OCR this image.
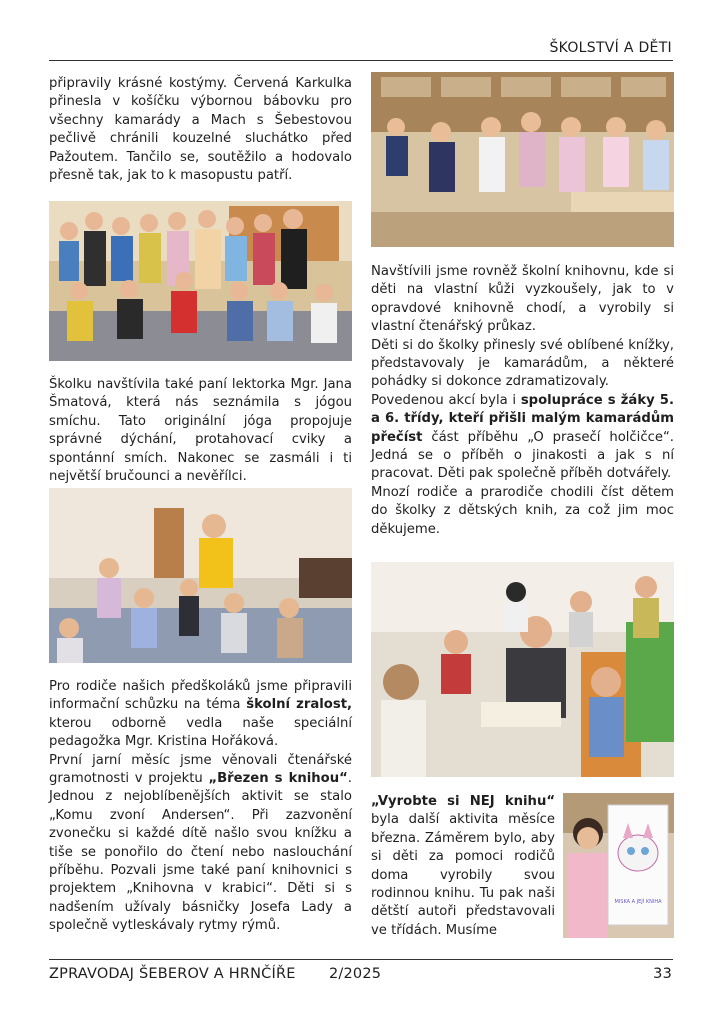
ŠKOLSTVÍ A DĚTI

připravily krásné kostýmy. Červená Karkulka přinesla v košíčku výbornou bábovku pro všechny kamarády a Mach s Šebestovou pečlivě chránili kouzelné sluchátko před Pažoutem. Tančilo se, soutěžilo a hodovalo přesně tak, jak to k masopustu patří.

Školku navštívila také paní lektorka Mgr. Jana Šmatová, která nás seznámila s jógou smíchu. Tato originální jóga propojuje správné dýchání, protahovací cviky a spontánní smích. Nakonec se zasmáli i ti největší bručounci a nevěřílci.

Pro rodiče našich předškoláků jsme připravili informační schůzku na téma školní zralost, kterou odborně vedla naše speciální pedagožka Mgr. Kristina Hořáková.

První jarní měsíc jsme věnovali čtenářské gramotnosti v projektu „Březen s knihou“. Jednou z nejoblíbenějších aktivit se stalo „Komu zvoní Andersen“. Při zazvonění zvonečku si každé dítě našlo svou knížku a tiše se ponořilo do čtení nebo naslouchání příběhu. Pozvali jsme také paní knihovnici s projektem „Knihovna v krabici“. Děti si s nadšením užívaly básničky Josefa Lady a společně vytleskávaly rytmy rýmů.

Navštívili jsme rovněž školní knihovnu, kde si děti na vlastní kůži vyzkoušely, jak to v opravdové knihovně chodí, a vyrobily si vlastní čtenářský průkaz.

Děti si do školky přinesly své oblíbené knížky, představovaly je kamarádům, a některé pohádky si dokonce zdramatizovaly.

Povedenou akcí byla i spolupráce s žáky 5. a 6. třídy, kteří přišli malým kamarádům přečíst část příběhu „O prasečí holčičce“. Jedná se o příběh o jinakosti a jak s ní pracovat. Děti pak společně příběh dotvářely.

Mnozí rodiče a prarodiče chodili číst dětem do školky z dětských knih, za což jim moc děkujeme.

„Vyrobte si NEJ knihu“ byla další aktivita měsíce března. Záměrem bylo, aby si děti za pomoci rodičů doma vyrobily svou rodinnou knihu. Tu pak naši dětští autoři představovali ve třídách. Musíme

MISKA A JEJÍ KNIHA
ZPRAVODAJ ŠEBEROV A HRNČÍŘE 2/2025	33
